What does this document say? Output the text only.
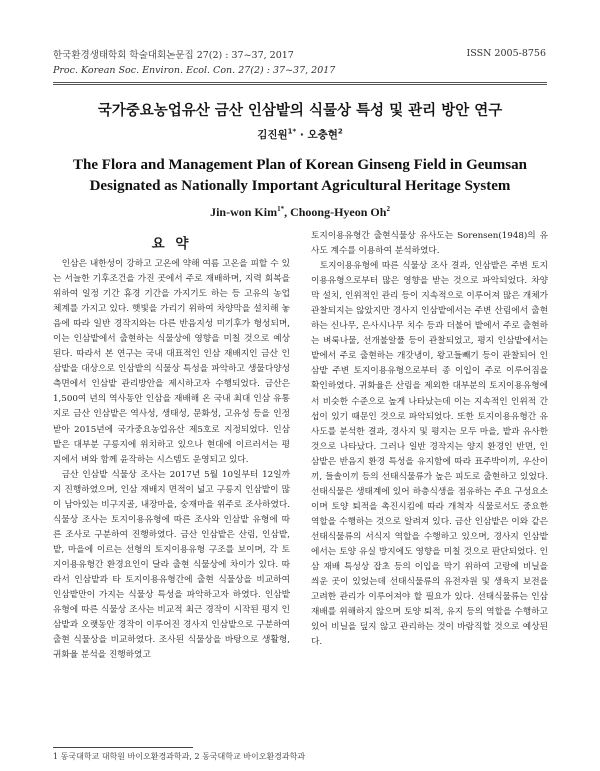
한국환경생태학회 학술대회논문집 27(2) : 37~37, 2017
Proc. Korean Soc. Environ. Ecol. Con. 27(2) : 37~37, 2017
ISSN 2005-8756
국가중요농업유산 금산 인삼밭의 식물상 특성 및 관리 방안 연구
김진원$^{1*}$ · 오충현$^2$
The Flora and Management Plan of Korean Ginseng Field in Geumsan Designated as Nationally Important Agricultural Heritage System
Jin-won Kim$^{1*}$, Choong-Hyeon Oh$^2$
요 약

인삼은 내한성이 강하고 고온에 약해 여름 고온을 피할 수 있는 서늘한 기후조건을 가진 곳에서 주로 재배하며, 지력 회복을 위하여 일정 기간 휴경 기간을 가지기도 하는 등 고유의 농업 체계를 가지고 있다. 햇빛을 가리기 위하여 차양막을 설치해 놓음에 따라 일반 경작지와는 다른 반음지성 미기후가 형성되며, 이는 인삼밭에서 출현하는 식물상에 영향을 미칠 것으로 예상된다. 따라서 본 연구는 국내 대표적인 인삼 재배지인 금산 인삼밭을 대상으로 인삼밭의 식물상 특성을 파악하고 생물다양성 측면에서 인삼밭 관리방안을 제시하고자 수행되었다. 금산은 1,500여 년의 역사동안 인삼을 재배해 온 국내 최대 인삼 유통지로 금산 인삼밭은 역사성, 생태성, 문화성, 고유성 등을 인정받아 2015년에 국가중요농업유산 제5호로 지정되었다. 인삼밭은 대부분 구릉지에 위치하고 있으나 현대에 이르러서는 평지에서 벼와 함께 윤작하는 시스템도 운영되고 있다.

금산 인삼밭 식물상 조사는 2017년 5월 10일부터 12일까지 진행하였으며, 인삼 재배지 면적이 넓고 구릉지 인삼밭이 많이 남아있는 비구지골, 내장마을, 숭재마을 위주로 조사하였다. 식물상 조사는 토지이용유형에 따른 조사와 인삼밭 유형에 따른 조사로 구분하여 진행하였다. 금산 인삼밭은 산림, 인삼밭, 밭, 마을에 이르는 선형의 토지이용유형 구조를 보이며, 각 토지이용유형간 환경요인이 달라 출현 식물상에 차이가 있다. 따라서 인삼밭과 타 토지이용유형간에 출현 식물상을 비교하여 인삼밭만이 가지는 식물상 특성을 파악하고자 하였다. 인삼밭 유형에 따른 식물상 조사는 비교적 최근 경작이 시작된 평지 인삼밭과 오랫동안 경작이 이루어진 경사지 인삼밭으로 구분하여 출현 식물상을 비교하였다. 조사된 식물상을 바탕으로 생활형, 귀화율 분석을 진행하였고

토지이용유형간 출현식물상 유사도는 Sorensen(1948)의 유사도 계수를 이용하여 분석하였다.

토지이용유형에 따른 식물상 조사 결과, 인삼밭은 주변 토지이용유형으로부터 많은 영향을 받는 것으로 파악되었다. 차양막 설치, 인위적인 관리 등이 지속적으로 이루어져 많은 개체가 관찰되지는 않았지만 경사지 인삼밭에서는 주변 산림에서 출현하는 신나무, 은사시나무 치수 등과 더불어 밭에서 주로 출현하는 벼룩나물, 선개불알풀 등이 관찰되었고, 평지 인삼밭에서는 밭에서 주로 출현하는 개갓냉이, 왕고들빼기 등이 관찰되어 인삼밭 주변 토지이용유형으로부터 종 이입이 주로 이루어짐을 확인하였다. 귀화율은 산림을 제외한 대부분의 토지이용유형에서 비슷한 수준으로 높게 나타났는데 이는 지속적인 인위적 간섭이 있기 때문인 것으로 파악되었다. 또한 토지이용유형간 유사도를 분석한 결과, 경사지 및 평지는 모두 마을, 밭과 유사한 것으로 나타났다. 그러나 일반 경작지는 양지 환경인 반면, 인삼밭은 반음지 환경 특성을 유지함에 따라 표주박이끼, 우산이끼, 들솔이끼 등의 선태식물류가 높은 피도로 출현하고 있었다. 선태식물은 생태계에 있어 하층식생을 점유하는 주요 구성요소이며 토양 퇴적을 촉진시킴에 따라 개척자 식물로서도 중요한 역할을 수행하는 것으로 알려져 있다. 금산 인삼밭은 이와 같은 선태식물류의 서식지 역할을 수행하고 있으며, 경사지 인삼밭에서는 토양 유실 방지에도 영향을 미칠 것으로 판단되었다. 인삼 재배 특성상 잡초 등의 이입을 막기 위하여 고랑에 비닐을 씌운 곳이 있었는데 선태식물류의 유전자원 및 생육지 보전을 고려한 관리가 이루어져야 할 필요가 있다. 선태식물류는 인삼 재배를 위해하지 않으며 토양 퇴적, 유지 등의 역할을 수행하고 있어 비닐을 덮지 않고 관리하는 것이 바람직할 것으로 예상된다.

1 동국대학교 대학원 바이오환경과학과, 2 동국대학교 바이오환경과학과
